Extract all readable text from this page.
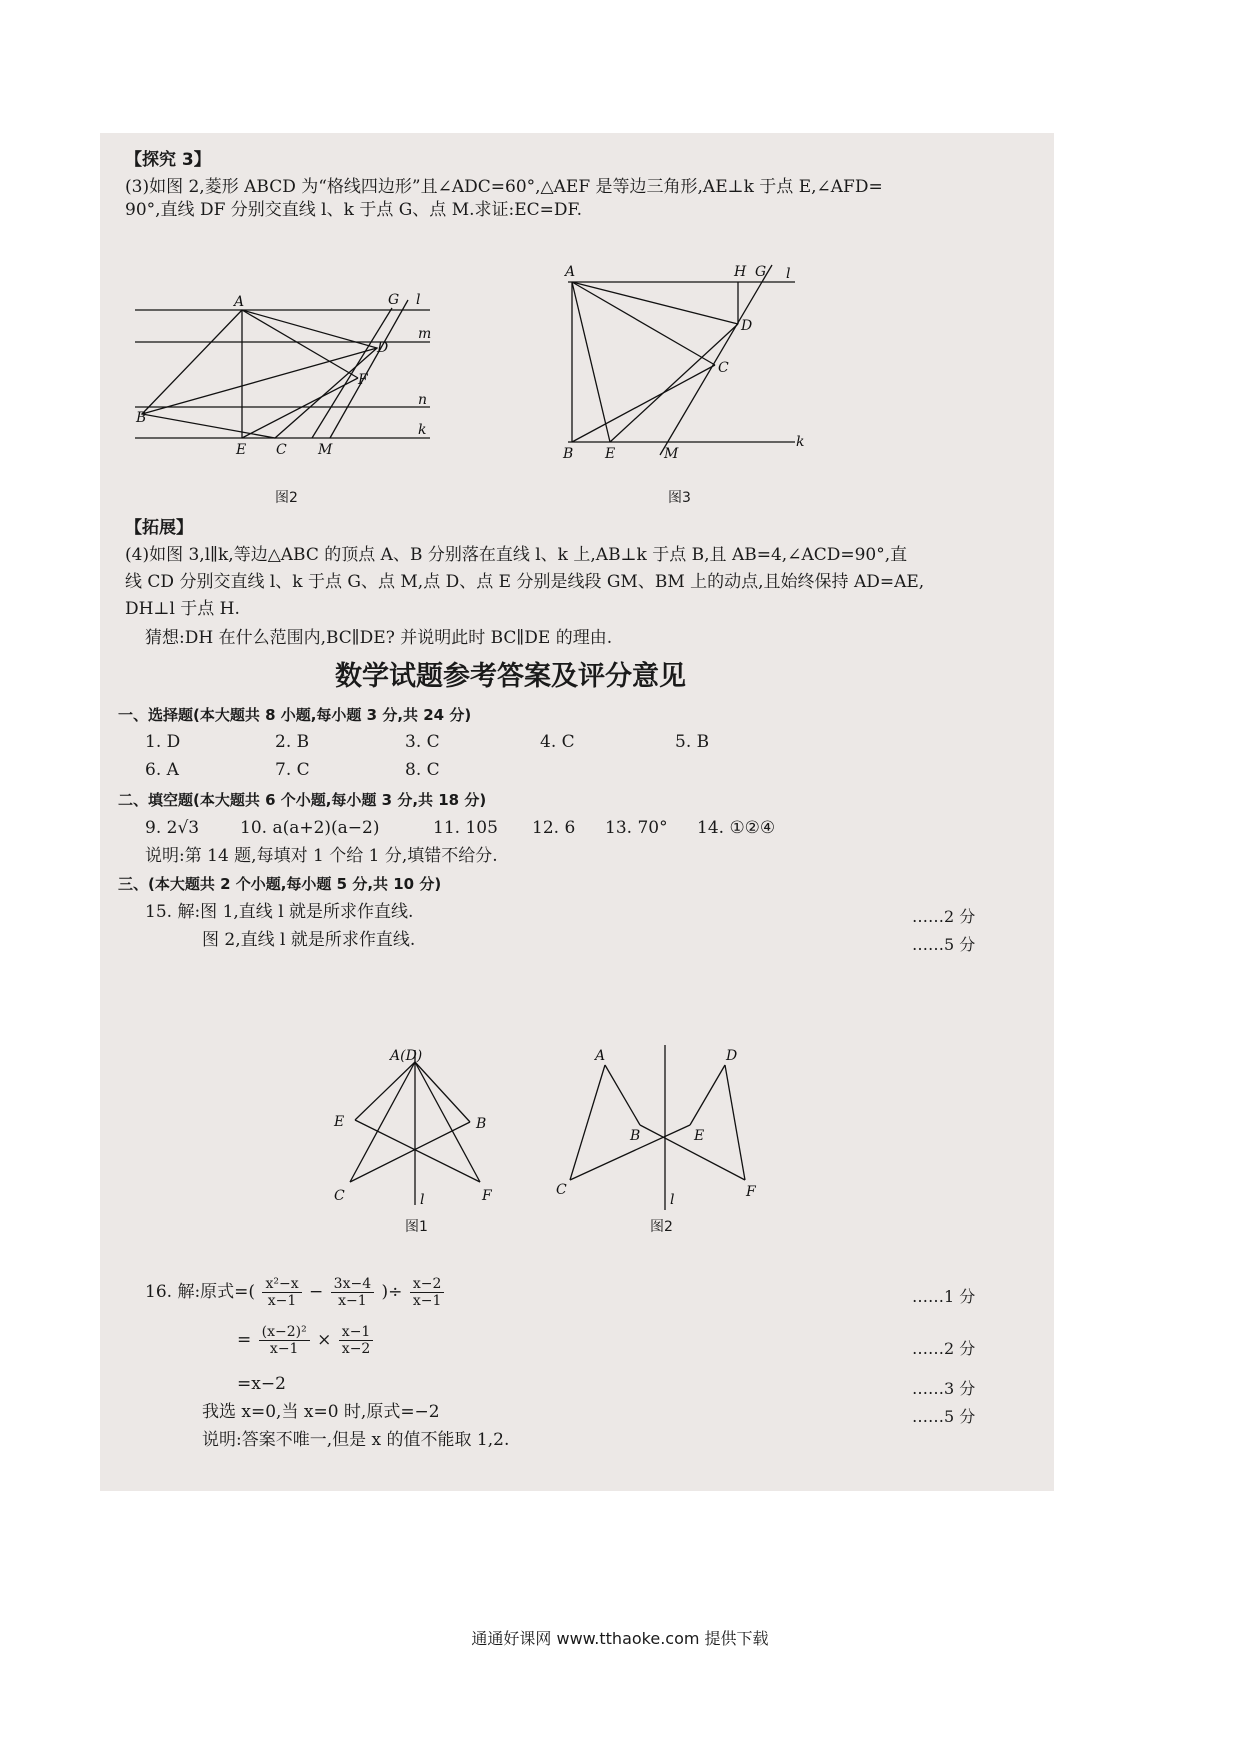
【探究 3】
(3)如图 2,菱形 ABCD 为“格线四边形”且∠ADC=60°,△AEF 是等边三角形,AE⊥k 于点 E,∠AFD=
90°,直线 DF 分别交直线 l、k 于点 G、点 M.求证:EC=DF.
A
B
C
D
E
F
G
M
l
m
n
k
图2
A
B
C
D
E
H G
M
l
k
图3
【拓展】
(4)如图 3,l∥k,等边△ABC 的顶点 A、B 分别落在直线 l、k 上,AB⊥k 于点 B,且 AB=4,∠ACD=90°,直
线 CD 分别交直线 l、k 于点 G、点 M,点 D、点 E 分别是线段 GM、BM 上的动点,且始终保持 AD=AE,
DH⊥l 于点 H.
猜想:DH 在什么范围内,BC∥DE? 并说明此时 BC∥DE 的理由.
数学试题参考答案及评分意见
一、选择题(本大题共 8 小题,每小题 3 分,共 24 分)
1. D	2. B	3. C	4. C	5. B
6. A	7. C	8. C
二、填空题(本大题共 6 个小题,每小题 3 分,共 18 分)
9. 2√3 10. a(a+2)(a−2)	11. 105 12. 6 13. 70° 14. ①②④
说明:第 14 题,每填对 1 个给 1 分,填错不给分.
三、(本大题共 2 个小题,每小题 5 分,共 10 分)
15. 解:图 1,直线 l 就是所求作直线.	……2 分
图 2,直线 l 就是所求作直线.	……5 分
A(D)
E	B
C	F
l
图1
A	D
B	E
C	F
l
图2
16. 解:原式=( $\frac{\text{x²−x}}{x-1} - \frac{3x-4}{x-1}$ )÷ $\frac{x-2}{x-1}$	……1 分
= $\frac{\text{(x−2)²}}{x-1} \times \frac{x-1}{x-2}$	……2 分
=x−2	……3 分
我选 x=0,当 x=0 时,原式=−2	……5 分
说明:答案不唯一,但是 x 的值不能取 1,2.
通通好课网 www.tthaoke.com 提供下载
